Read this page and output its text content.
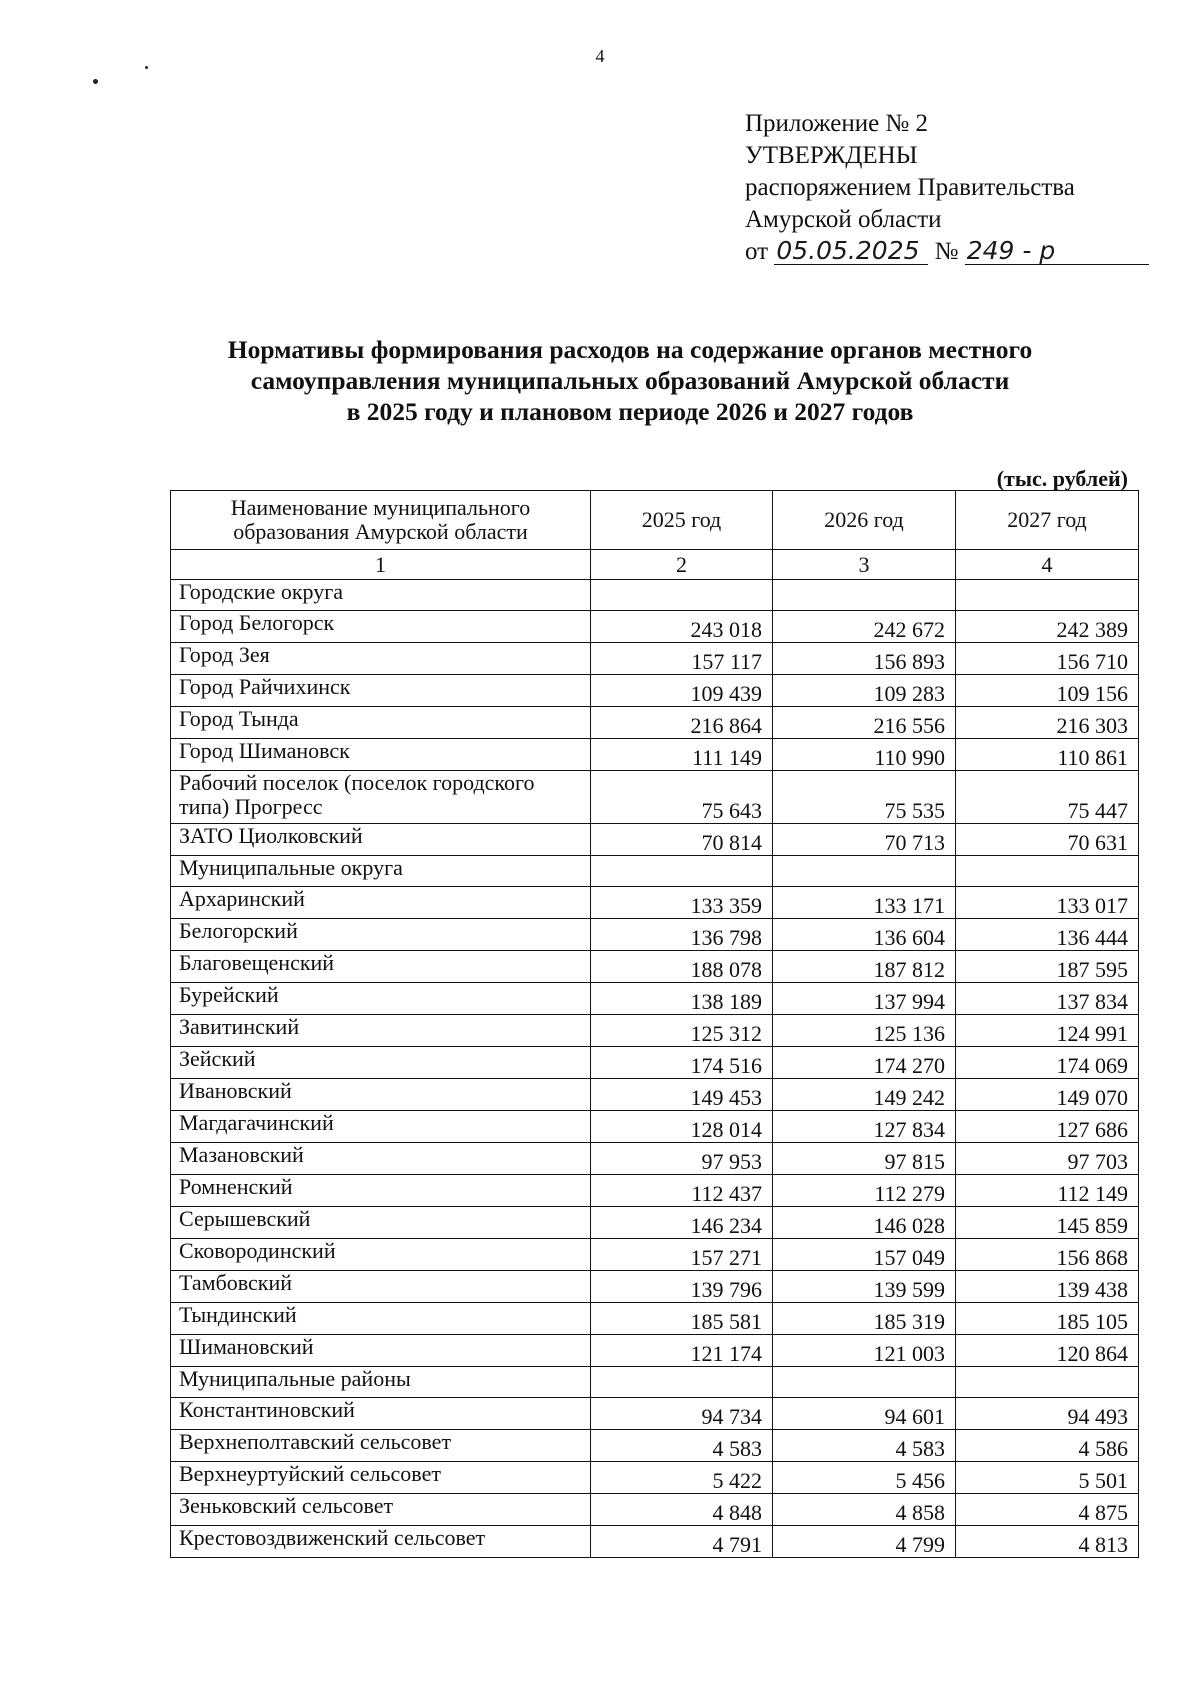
4
Приложение № 2
УТВЕРЖДЕНЫ
распоряжением Правительства
Амурской области
от 05.05.2025 № 249 - р
Нормативы формирования расходов на содержание органов местного
самоуправления муниципальных образований Амурской области
в 2025 году и плановом периоде 2026 и 2027 годов
(тыс. рублей)
Наименование муниципального образования Амурской области	2025 год	2026 год	2027 год
1	2	3	4
Городские округа			
Город Белогорск	243 018	242 672	242 389
Город Зея	157 117	156 893	156 710
Город Райчихинск	109 439	109 283	109 156
Город Тында	216 864	216 556	216 303
Город Шимановск	111 149	110 990	110 861
Рабочий поселок (поселок городского типа) Прогресс	75 643	75 535	75 447
ЗАТО Циолковский	70 814	70 713	70 631
Муниципальные округа			
Архаринский	133 359	133 171	133 017
Белогорский	136 798	136 604	136 444
Благовещенский	188 078	187 812	187 595
Бурейский	138 189	137 994	137 834
Завитинский	125 312	125 136	124 991
Зейский	174 516	174 270	174 069
Ивановский	149 453	149 242	149 070
Магдагачинский	128 014	127 834	127 686
Мазановский	97 953	97 815	97 703
Ромненский	112 437	112 279	112 149
Серышевский	146 234	146 028	145 859
Сковородинский	157 271	157 049	156 868
Тамбовский	139 796	139 599	139 438
Тындинский	185 581	185 319	185 105
Шимановский	121 174	121 003	120 864
Муниципальные районы			
Константиновский	94 734	94 601	94 493
Верхнеполтавский сельсовет	4 583	4 583	4 586
Верхнеуртуйский сельсовет	5 422	5 456	5 501
Зеньковский сельсовет	4 848	4 858	4 875
Крестовоздвиженский сельсовет	4 791	4 799	4 813
